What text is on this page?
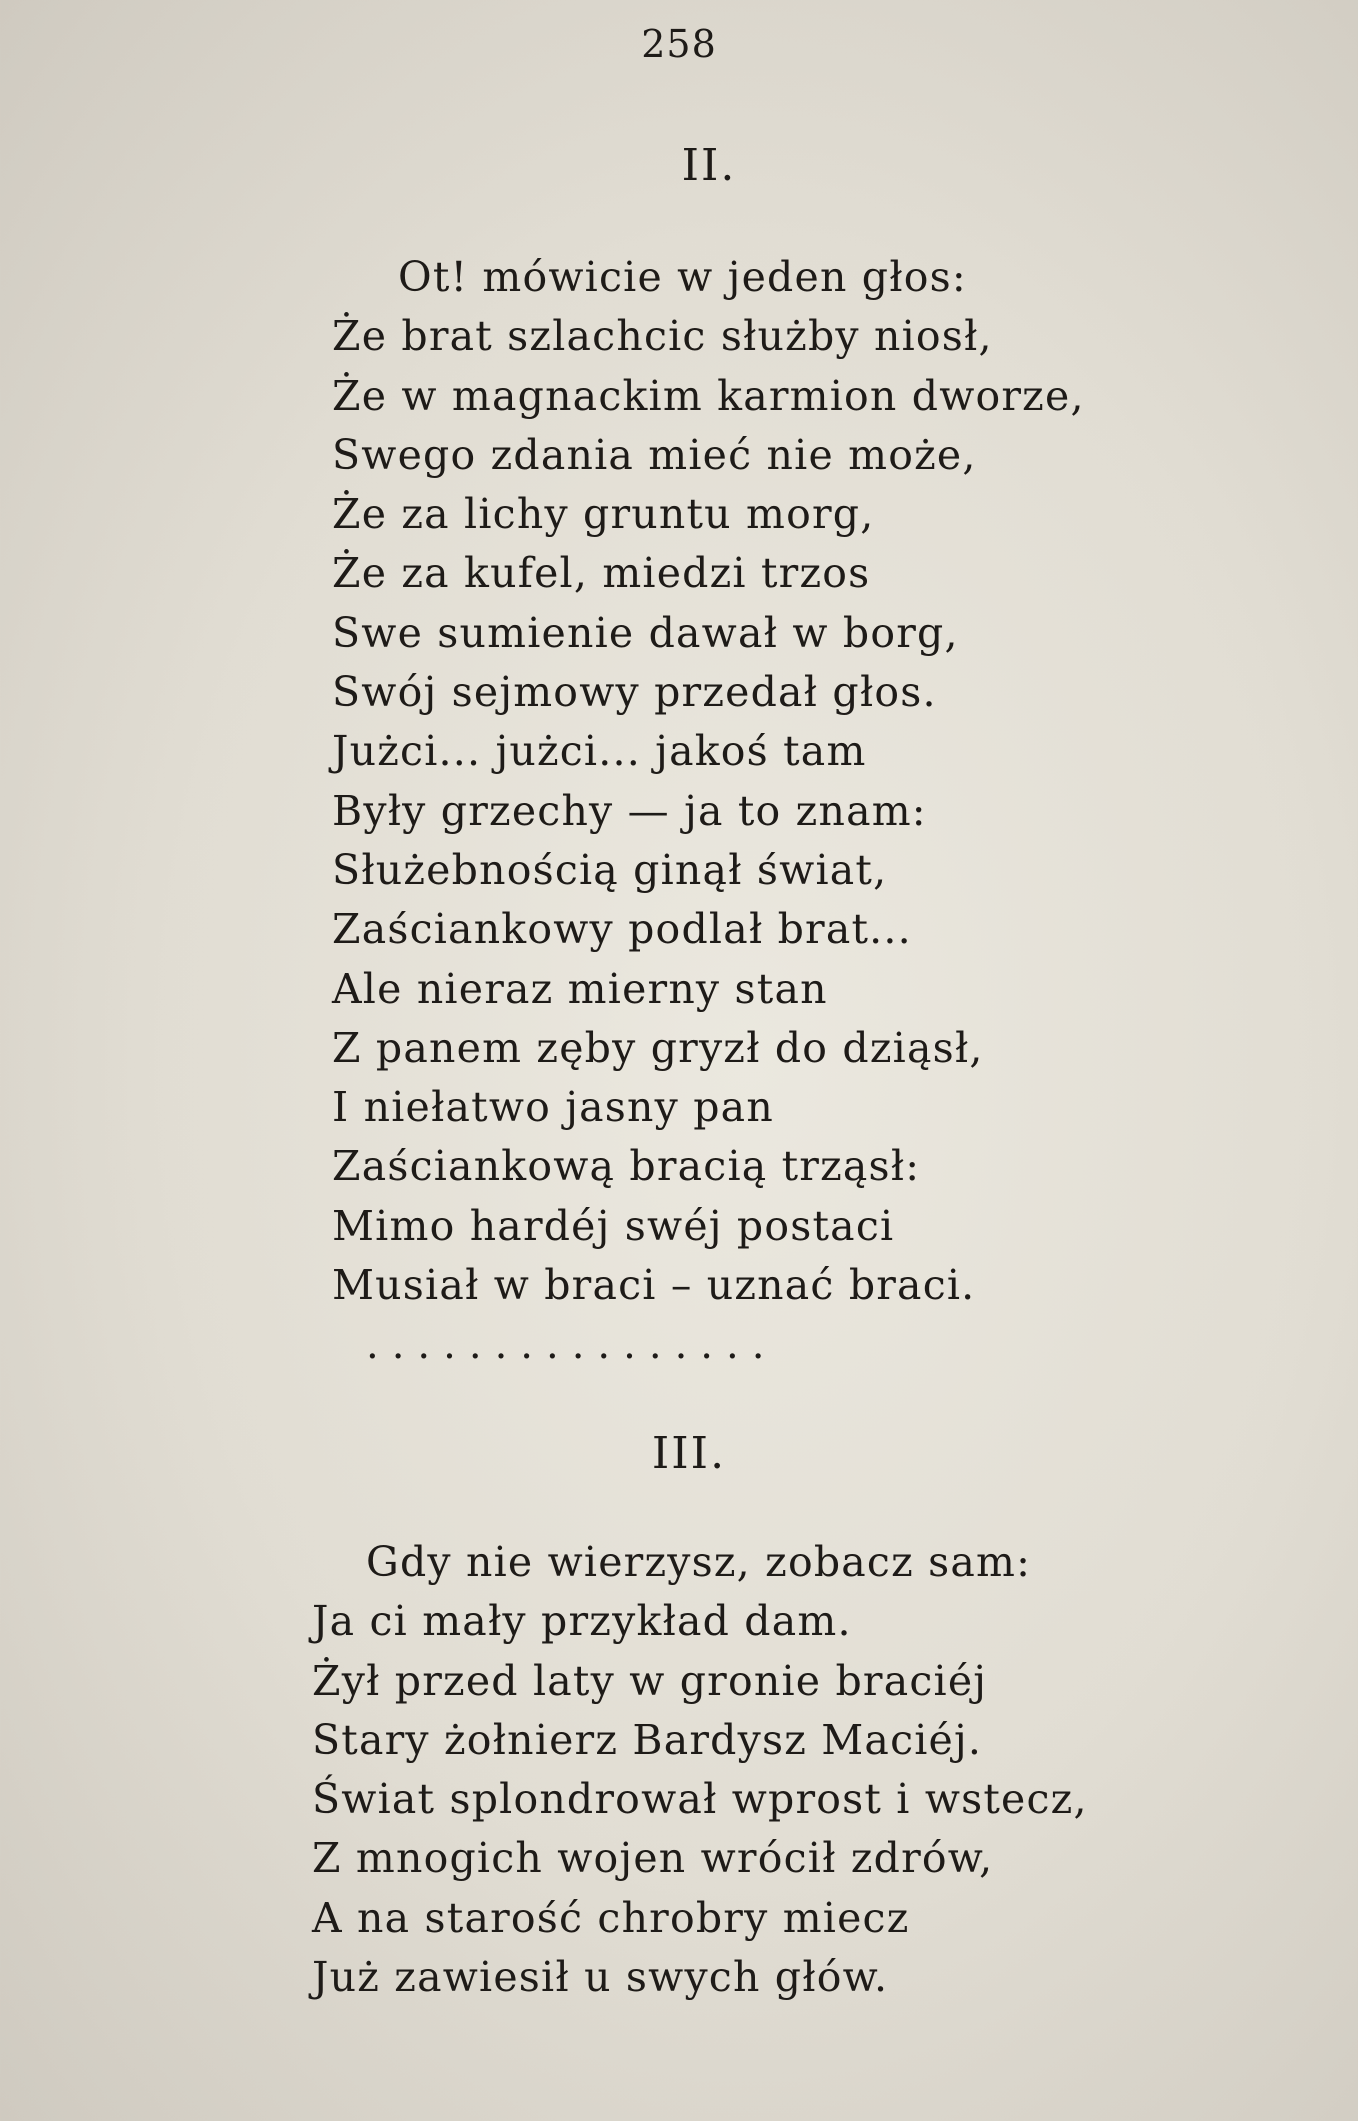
258
II.
Ot! mówicie w jeden głos:
Że brat szlachcic służby niosł,
Że w magnackim karmion dworze,
Swego zdania mieć nie może,
Że za lichy gruntu morg,
Że za kufel, miedzi trzos
Swe sumienie dawał w borg,
Swój sejmowy przedał głos.
Jużci... jużci... jakoś tam
Były grzechy — ja to znam:
Służebnością ginął świat,
Zaściankowy podlał brat...
Ale nieraz mierny stan
Z panem zęby gryzł do dziąsł,
I niełatwo jasny pan
Zaściankową bracią trząsł:
Mimo hardéj swéj postaci
Musiał w braci – uznać braci.
................
III.
Gdy nie wierzysz, zobacz sam:
Ja ci mały przykład dam.
Żył przed laty w gronie braciéj
Stary żołnierz Bardysz Maciéj.
Świat splondrował wprost i wstecz,
Z mnogich wojen wrócił zdrów,
A na starość chrobry miecz
Już zawiesił u swych głów.
